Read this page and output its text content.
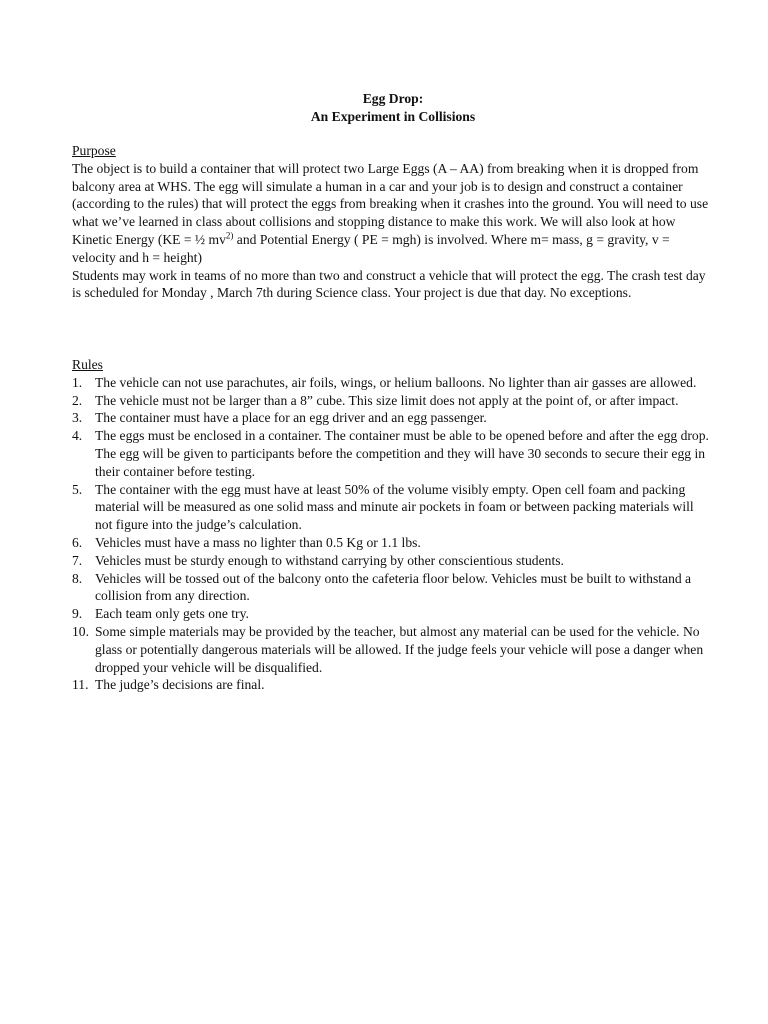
Egg Drop:
An Experiment in Collisions
Purpose

The object is to build a container that will protect two Large Eggs (A – AA) from breaking when it is dropped from balcony area at WHS. The egg will simulate a human in a car and your job is to design and construct a container (according to the rules) that will protect the eggs from breaking when it crashes into the ground. You will need to use what we’ve learned in class about collisions and stopping distance to make this work. We will also look at how Kinetic Energy (KE = ½ $mv^{2)}$ and Potential Energy ( PE = mgh) is involved. Where m= mass, g = gravity, v = velocity and h = height)

Students may work in teams of no more than two and construct a vehicle that will protect the egg. The crash test day is scheduled for Monday , March 7th during Science class. Your project is due that day. No exceptions.

Rules
1. The vehicle can not use parachutes, air foils, wings, or helium balloons. No lighter than air gasses are allowed.
2. The vehicle must not be larger than a 8” cube. This size limit does not apply at the point of, or after impact.
3. The container must have a place for an egg driver and an egg passenger.
4. The eggs must be enclosed in a container. The container must be able to be opened before and after the egg drop. The egg will be given to participants before the competition and they will have 30 seconds to secure their egg in their container before testing.
5. The container with the egg must have at least 50% of the volume visibly empty. Open cell foam and packing material will be measured as one solid mass and minute air pockets in foam or between packing materials will not figure into the judge’s calculation.
6. Vehicles must have a mass no lighter than 0.5 Kg or 1.1 lbs.
7. Vehicles must be sturdy enough to withstand carrying by other conscientious students.
8. Vehicles will be tossed out of the balcony onto the cafeteria floor below. Vehicles must be built to withstand a collision from any direction.
9. Each team only gets one try.
10. Some simple materials may be provided by the teacher, but almost any material can be used for the vehicle. No glass or potentially dangerous materials will be allowed. If the judge feels your vehicle will pose a danger when dropped your vehicle will be disqualified.
11. The judge’s decisions are final.
